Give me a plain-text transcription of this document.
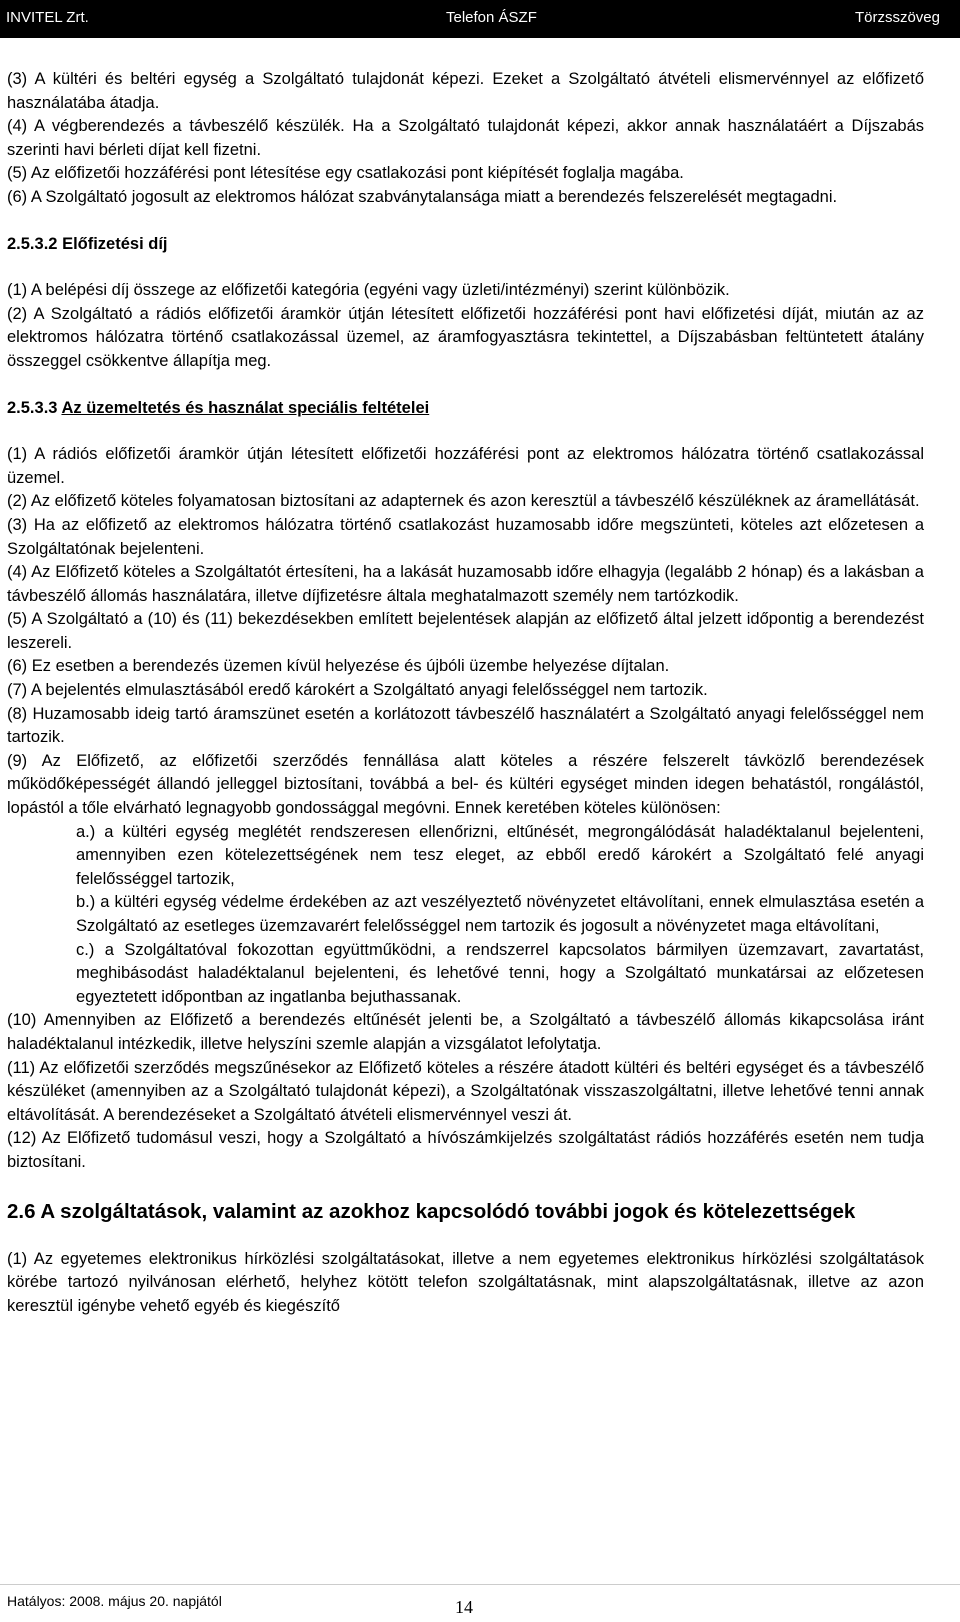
INVITEL Zrt.	Telefon ÁSZF	Törzsszöveg

(3) A kültéri és beltéri egység a Szolgáltató tulajdonát képezi. Ezeket a Szolgáltató átvételi elismervénnyel az előfizető használatába átadja.

(4) A végberendezés a távbeszélő készülék. Ha a Szolgáltató tulajdonát képezi, akkor annak használatáért a Díjszabás szerinti havi bérleti díjat kell fizetni.

(5) Az előfizetői hozzáférési pont létesítése egy csatlakozási pont kiépítését foglalja magába.

(6) A Szolgáltató jogosult az elektromos hálózat szabványtalansága miatt a berendezés felszerelését megtagadni.

2.5.3.2 Előfizetési díj

(1) A belépési díj összege az előfizetői kategória (egyéni vagy üzleti/intézményi) szerint különbözik.

(2) A Szolgáltató a rádiós előfizetői áramkör útján létesített előfizetői hozzáférési pont havi előfizetési díját, miután az az elektromos hálózatra történő csatlakozással üzemel, az áramfogyasztásra tekintettel, a Díjszabásban feltüntetett átalány összeggel csökkentve állapítja meg.

2.5.3.3 Az üzemeltetés és használat speciális feltételei

(1) A rádiós előfizetői áramkör útján létesített előfizetői hozzáférési pont az elektromos hálózatra történő csatlakozással üzemel.

(2) Az előfizető köteles folyamatosan biztosítani az adapternek és azon keresztül a távbeszélő készüléknek az áramellátását.

(3) Ha az előfizető az elektromos hálózatra történő csatlakozást huzamosabb időre megszünteti, köteles azt előzetesen a Szolgáltatónak bejelenteni.

(4) Az Előfizető köteles a Szolgáltatót értesíteni, ha a lakását huzamosabb időre elhagyja (legalább 2 hónap) és a lakásban a távbeszélő állomás használatára, illetve díjfizetésre általa meghatalmazott személy nem tartózkodik.

(5) A Szolgáltató a (10) és (11) bekezdésekben említett bejelentések alapján az előfizető által jelzett időpontig a berendezést leszereli.

(6) Ez esetben a berendezés üzemen kívül helyezése és újbóli üzembe helyezése díjtalan.

(7) A bejelentés elmulasztásából eredő károkért a Szolgáltató anyagi felelősséggel nem tartozik.

(8) Huzamosabb ideig tartó áramszünet esetén a korlátozott távbeszélő használatért a Szolgáltató anyagi felelősséggel nem tartozik.

(9) Az Előfizető, az előfizetői szerződés fennállása alatt köteles a részére felszerelt távközlő berendezések működőképességét állandó jelleggel biztosítani, továbbá a bel- és kültéri egységet minden idegen behatástól, rongálástól, lopástól a tőle elvárható legnagyobb gondossággal megóvni. Ennek keretében köteles különösen:

a.) a kültéri egység meglétét rendszeresen ellenőrizni, eltűnését, megrongálódását haladéktalanul bejelenteni, amennyiben ezen kötelezettségének nem tesz eleget, az ebből eredő károkért a Szolgáltató felé anyagi felelősséggel tartozik,

b.) a kültéri egység védelme érdekében az azt veszélyeztető növényzetet eltávolítani, ennek elmulasztása esetén a Szolgáltató az esetleges üzemzavarért felelősséggel nem tartozik és jogosult a növényzetet maga eltávolítani,

c.) a Szolgáltatóval fokozottan együttműködni, a rendszerrel kapcsolatos bármilyen üzemzavart, zavartatást, meghibásodást haladéktalanul bejelenteni, és lehetővé tenni, hogy a Szolgáltató munkatársai az előzetesen egyeztetett időpontban az ingatlanba bejuthassanak.

(10) Amennyiben az Előfizető a berendezés eltűnését jelenti be, a Szolgáltató a távbeszélő állomás kikapcsolása iránt haladéktalanul intézkedik, illetve helyszíni szemle alapján a vizsgálatot lefolytatja.

(11) Az előfizetői szerződés megszűnésekor az Előfizető köteles a részére átadott kültéri és beltéri egységet és a távbeszélő készüléket (amennyiben az a Szolgáltató tulajdonát képezi), a Szolgáltatónak visszaszolgáltatni, illetve lehetővé tenni annak eltávolítását. A berendezéseket a Szolgáltató átvételi elismervénnyel veszi át.

(12) Az Előfizető tudomásul veszi, hogy a Szolgáltató a hívószámkijelzés szolgáltatást rádiós hozzáférés esetén nem tudja biztosítani.

2.6 A szolgáltatások, valamint az azokhoz kapcsolódó további jogok és kötelezettségek

(1) Az egyetemes elektronikus hírközlési szolgáltatásokat, illetve a nem egyetemes elektronikus hírközlési szolgáltatások körébe tartozó nyilvánosan elérhető, helyhez kötött telefon szolgáltatásnak, mint alapszolgáltatásnak, illetve az azon keresztül igénybe vehető egyéb és kiegészítő

Hatályos: 2008. május 20. napjától	14
